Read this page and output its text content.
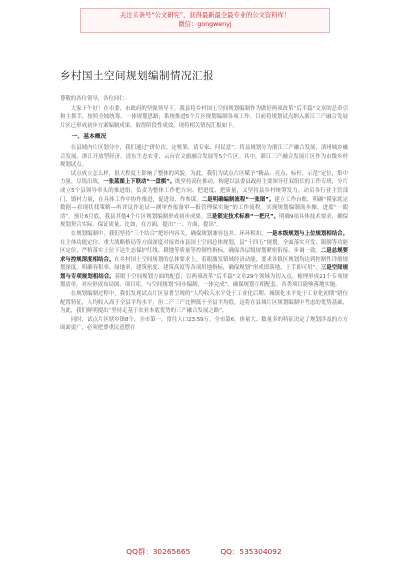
关注头条号“公文研究”，获得最新最全最专业的公文资料库！
微信：gongwenyj
乡村国土空间规划编制情况汇报

尊敬的各位领导，各位同仁：

大家下午好！在市委、市政府的坚强领导下，我县将乡村国土空间规划编制作为做好两项改革“后半篇”文章的总牵引和主抓手，按照全域统筹、一体规划思路，系统推进5个片区规划编制各项工作。目前将规划试点纳入浙江三产融合发展片区已形成初步方案编制成果，取得阶段性成效。现将相关情况汇报如下。

一、基本概况

在县域内片区划分中，我们通过“併位次、定框架、请专家、问民意”，将县域划分为浙江三产融合发展、滇州城乡融合发展、浙江开放型经济、清东生态农业、云台农文旅融合发展等5个片区。其中，浙江三产融合发展片区作为市级乡村规划试点。

试点成立怎么样，很大程度上影响了整体的风貌。为此，我们为试点片区赋予“精品、亮点、标杆、示范”定位，集中力量、尽锐出战，一张蓝图上下联动“一盘棋”。既坚持高位推动，构建以县委县政府主要领导任双组长的工作专班，分片成立5个县领导牵头的推进组，负责为整体工作把方向、把进度、把质量，又坚持县乡村统筹发力，动员各行业主管部门、镇村力量，在具体工作中协作推进，促进设、作参谋。二是明确编制流程“一张图”。建立工作台账，明确“摸家底定数据—看现状找策略—听评议作论证—测审查报备审—报管理保实施”的工作流程。实现规划编制流步骤、进度“一眼清”。预计6月底，我县其他4个片区规划编制形成初步成果。三是锁定技术标准“一把尺”。明确9项具体技术要求，确保规划契合实际、保证质量、比如，在方面，提出“一、方面，提出“。

在规划编制中，我们坚持“三个结合”把好内容关，确保规划兼容包并、环环相扣。一是本级规划与上位规划相结合。在主体功能定位、重大战略格局等方面深度对接省市县国土空间总体规划，县“十四五”规划，全面落实开发、限制等功能区定位，严格落实上位下达生态保护红线、耕地等质量等控制性指标，确保各层级规划紧密衔接、步调一致。二是总规要求与控规深度相结合。在乡村国土空间规划的总体要求上，着眼激发镇域经济动能，要求各镇区规划均达到控制性详细规划深度，明确容积率、绿地率、建筑密度、建筑高度等各项用地指标，确保规划“形成即落地、上手即可用”。三是空间规划与专项规划相结合。着眼于空间规划方面的配套，以两项改革“后半篇”文章29个领域为切入点，梳理形成21个专项规划清单，对应形成布局图、项目库，与空间规划“同步编制、一体完成”，确保规划互相配套、各类项目能够落地实施。

在规划编制过程中，我们发现试点片区显著呈现的“人均收入水平处于工业化后期、城镇化水平处于工业化初期”错位配置特征，人均收入高于全县平均水平，但二产三产比例低于全县平均值，这将在县域片区规划编制中考虑的优势基础，为此，我们鲜明提出“坚持走基于农业本底优势的三产融合发展之路”。

同时，试点片区辖乡镇8个，全市第一，常住人口23.59万，全市第6，体量大、数量多的特征决定了规划涉及的方方面面更广，必须把尊重民意摆在

QQ群：30265665	QQ：535304092
